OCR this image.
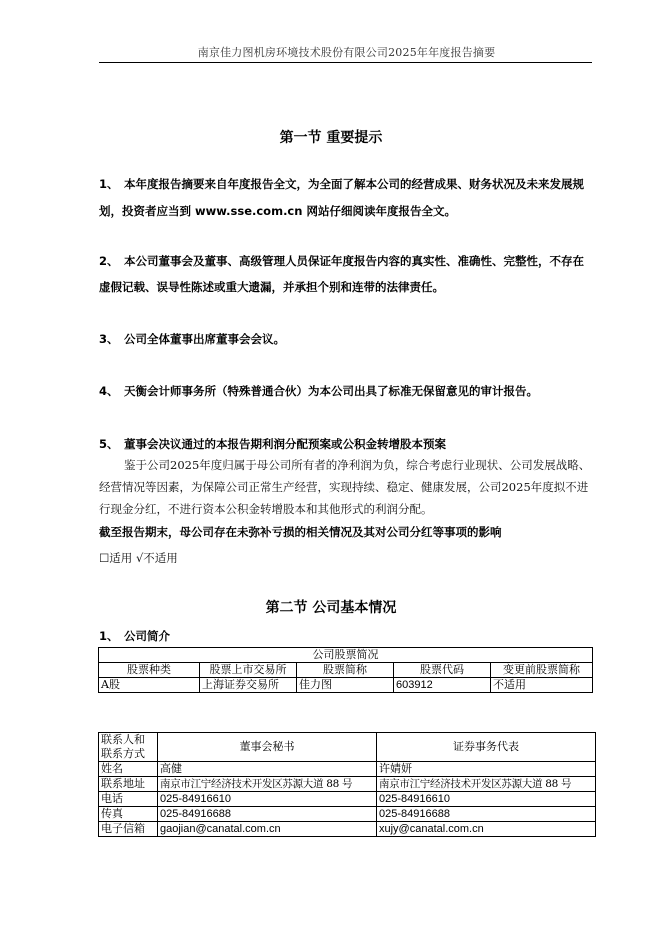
南京佳力图机房环境技术股份有限公司2025年年度报告摘要
第一节 重要提示
1、 本年度报告摘要来自年度报告全文，为全面了解本公司的经营成果、财务状况及未来发展规
划，投资者应当到 www.sse.com.cn 网站仔细阅读年度报告全文。
2、 本公司董事会及董事、高级管理人员保证年度报告内容的真实性、准确性、完整性，不存在
虚假记载、误导性陈述或重大遗漏，并承担个别和连带的法律责任。
3、 公司全体董事出席董事会会议。
4、 天衡会计师事务所（特殊普通合伙）为本公司出具了标准无保留意见的审计报告。
5、 董事会决议通过的本报告期利润分配预案或公积金转增股本预案
鉴于公司2025年度归属于母公司所有者的净利润为负，综合考虑行业现状、公司发展战略、
经营情况等因素，为保障公司正常生产经营，实现持续、稳定、健康发展，公司2025年度拟不进
行现金分红，不进行资本公积金转增股本和其他形式的利润分配。
截至报告期末，母公司存在未弥补亏损的相关情况及其对公司分红等事项的影响
☐适用 √不适用
第二节 公司基本情况
1、 公司简介
公司股票简况				
股票种类	股票上市交易所	股票简称	股票代码	变更前股票简称
A股	上海证券交易所	佳力图	603912	不适用
联系人和
联系方式	董事会秘书	证券事务代表
姓名	高健	许婧妍
联系地址	南京市江宁经济技术开发区苏源大道 88 号	南京市江宁经济技术开发区苏源大道 88 号
电话	025-84916610	025-84916610
传真	025-84916688	025-84916688
电子信箱	gaojian@canatal.com.cn	xujy@canatal.com.cn
